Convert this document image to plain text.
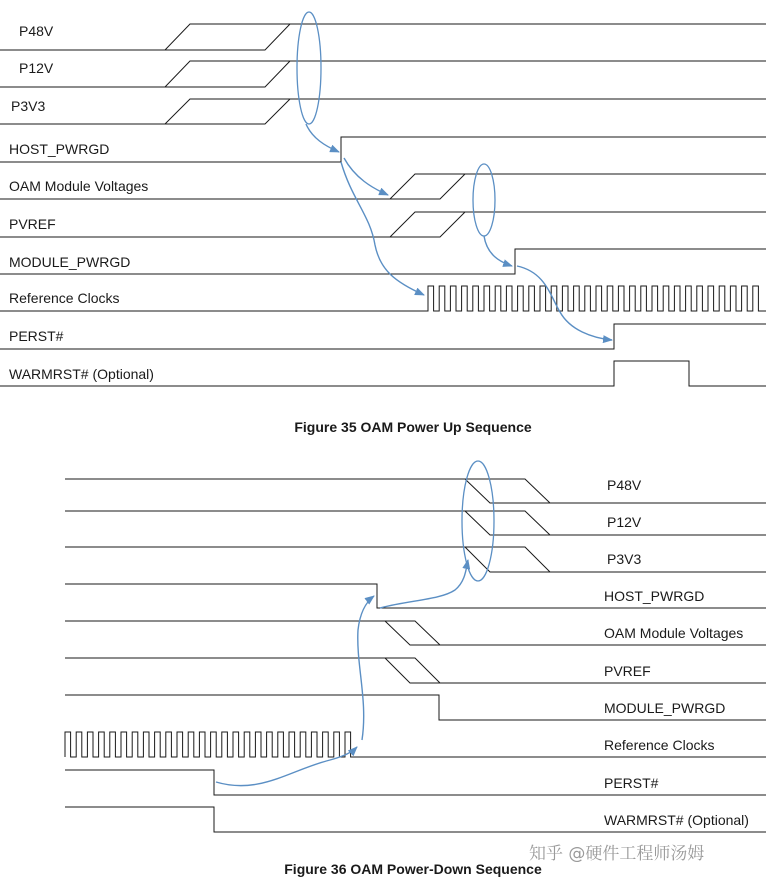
P48V
P12V
P3V3
HOST_PWRGD
OAM Module Voltages
PVREF
MODULE_PWRGD
Reference Clocks
PERST#
WARMRST# (Optional)
Figure 35 OAM Power Up Sequence
P48V
P12V
P3V3
HOST_PWRGD
OAM Module Voltages
PVREF
MODULE_PWRGD
Reference Clocks
PERST#
WARMRST# (Optional)
Figure 36 OAM Power-Down Sequence
知乎 @硬件工程师汤姆
